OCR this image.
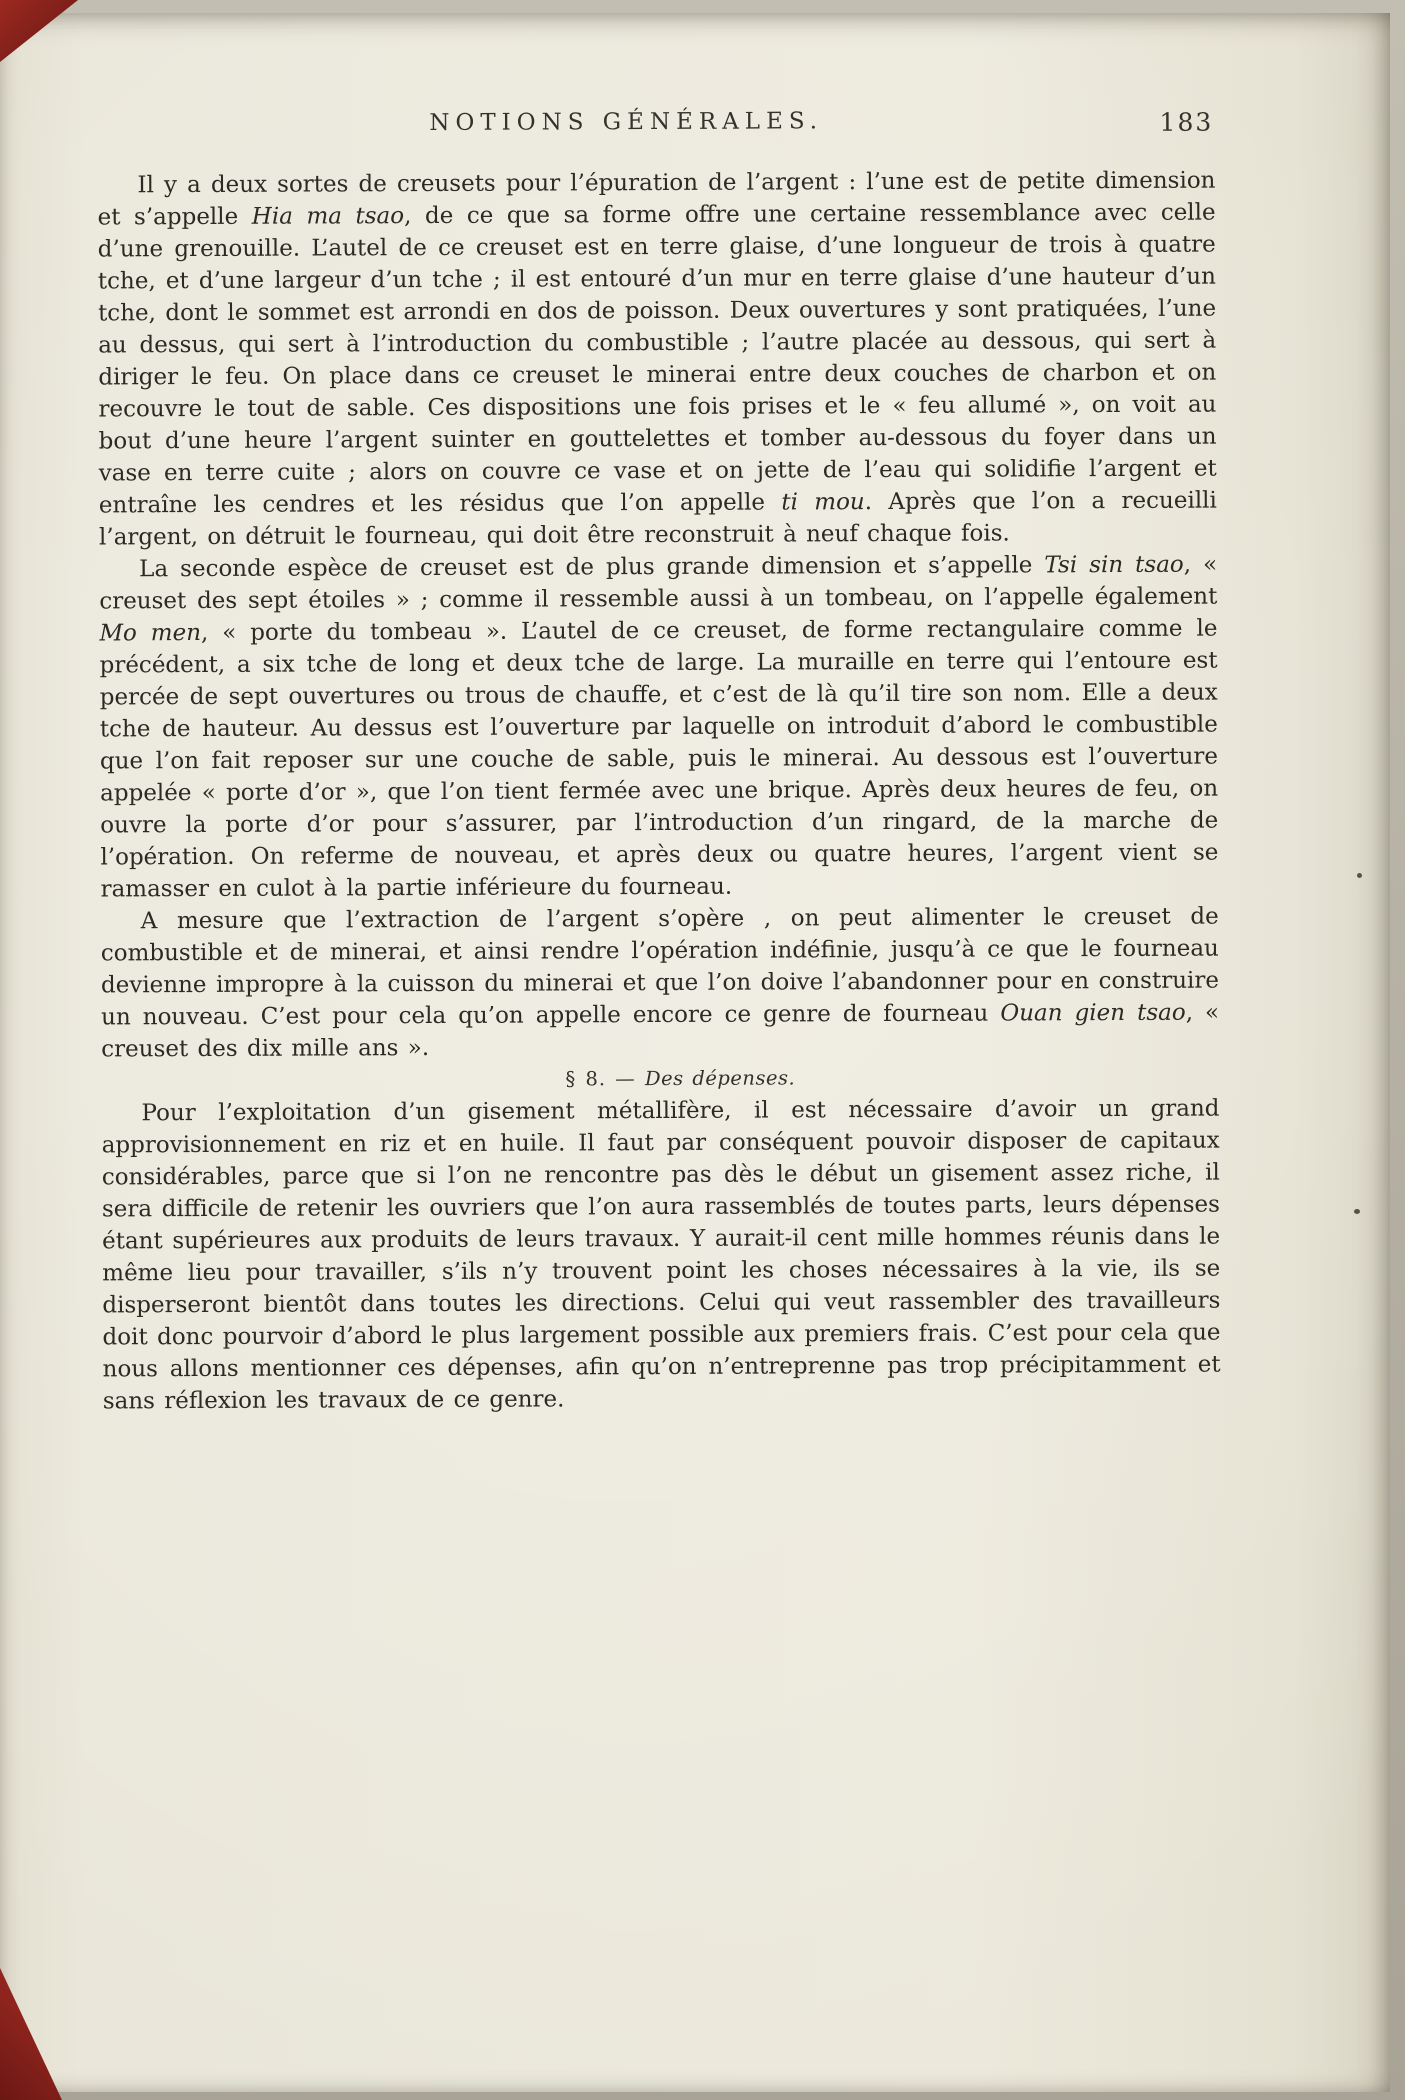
NOTIONS GÉNÉRALES.	183

Il y a deux sortes de creusets pour l’épuration de l’argent : l’une est de petite dimension et s’appelle Hia ma tsao, de ce que sa forme offre une certaine ressemblance avec celle d’une grenouille. L’autel de ce creuset est en terre glaise, d’une longueur de trois à quatre tche, et d’une largeur d’un tche ; il est entouré d’un mur en terre glaise d’une hauteur d’un tche, dont le sommet est arrondi en dos de poisson. Deux ouvertures y sont pratiquées, l’une au dessus, qui sert à l’introduction du combustible ; l’autre placée au dessous, qui sert à diriger le feu. On place dans ce creuset le minerai entre deux couches de charbon et on recouvre le tout de sable. Ces dispositions une fois prises et le « feu allumé », on voit au bout d’une heure l’argent suinter en gouttelettes et tomber au-dessous du foyer dans un vase en terre cuite ; alors on couvre ce vase et on jette de l’eau qui solidifie l’argent et entraîne les cendres et les résidus que l’on appelle ti mou. Après que l’on a recueilli l’argent, on détruit le fourneau, qui doit être reconstruit à neuf chaque fois.

La seconde espèce de creuset est de plus grande dimension et s’appelle Tsi sin tsao, « creuset des sept étoiles » ; comme il ressemble aussi à un tombeau, on l’appelle également Mo men, « porte du tombeau ». L’autel de ce creuset, de forme rectangulaire comme le précédent, a six tche de long et deux tche de large. La muraille en terre qui l’entoure est percée de sept ouvertures ou trous de chauffe, et c’est de là qu’il tire son nom. Elle a deux tche de hauteur. Au dessus est l’ouverture par laquelle on introduit d’abord le combustible que l’on fait reposer sur une couche de sable, puis le minerai. Au dessous est l’ouverture appelée « porte d’or », que l’on tient fermée avec une brique. Après deux heures de feu, on ouvre la porte d’or pour s’assurer, par l’introduction d’un ringard, de la marche de l’opération. On referme de nouveau, et après deux ou quatre heures, l’argent vient se ramasser en culot à la partie inférieure du fourneau.

A mesure que l’extraction de l’argent s’opère , on peut alimenter le creuset de combustible et de minerai, et ainsi rendre l’opération indéfinie, jusqu’à ce que le fourneau devienne impropre à la cuisson du minerai et que l’on doive l’abandonner pour en construire un nouveau. C’est pour cela qu’on appelle encore ce genre de fourneau Ouan gien tsao, « creuset des dix mille ans ».

§ 8. — Des dépenses.

Pour l’exploitation d’un gisement métallifère, il est nécessaire d’avoir un grand approvisionnement en riz et en huile. Il faut par conséquent pouvoir disposer de capitaux considérables, parce que si l’on ne rencontre pas dès le début un gisement assez riche, il sera difficile de retenir les ouvriers que l’on aura rassemblés de toutes parts, leurs dépenses étant supérieures aux produits de leurs travaux. Y aurait-il cent mille hommes réunis dans le même lieu pour travailler, s’ils n’y trouvent point les choses nécessaires à la vie, ils se disperseront bientôt dans toutes les directions. Celui qui veut rassembler des travailleurs doit donc pourvoir d’abord le plus largement possible aux premiers frais. C’est pour cela que nous allons mentionner ces dépenses, afin qu’on n’entreprenne pas trop précipitamment et sans réflexion les travaux de ce genre.
